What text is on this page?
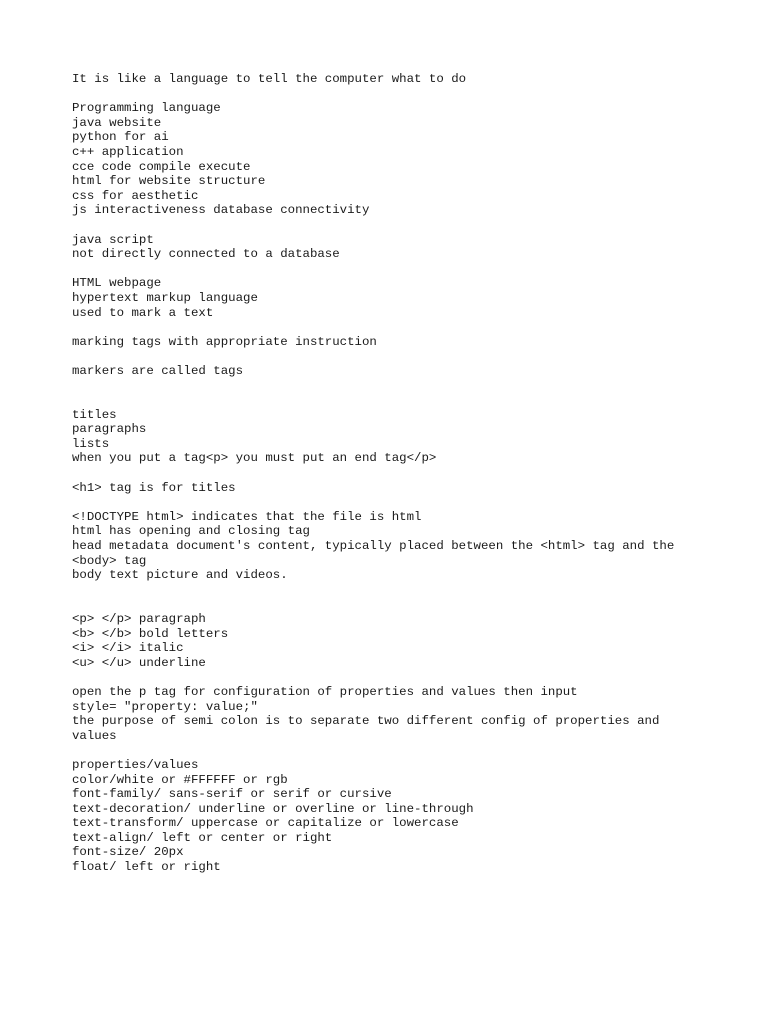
It is like a language to tell the computer what to do
Programming language
java website
python for ai
c++ application
cce code compile execute
html for website structure
css for aesthetic
js interactiveness database connectivity
java script
not directly connected to a database
HTML webpage
hypertext markup language
used to mark a text
marking tags with appropriate instruction
markers are called tags
titles
paragraphs
lists
when you put a tag<p> you must put an end tag</p>
<h1> tag is for titles
<!DOCTYPE html> indicates that the file is html
html has opening and closing tag
head metadata document's content, typically placed between the <html> tag and the
<body> tag
body text picture and videos.
<p> </p> paragraph
<b> </b> bold letters
<i> </i> italic
<u> </u> underline
open the p tag for configuration of properties and values then input
style= "property: value;"
the purpose of semi colon is to separate two different config of properties and
values
properties/values
color/white or #FFFFFF or rgb
font-family/ sans-serif or serif or cursive
text-decoration/ underline or overline or line-through
text-transform/ uppercase or capitalize or lowercase
text-align/ left or center or right
font-size/ 20px
float/ left or right
